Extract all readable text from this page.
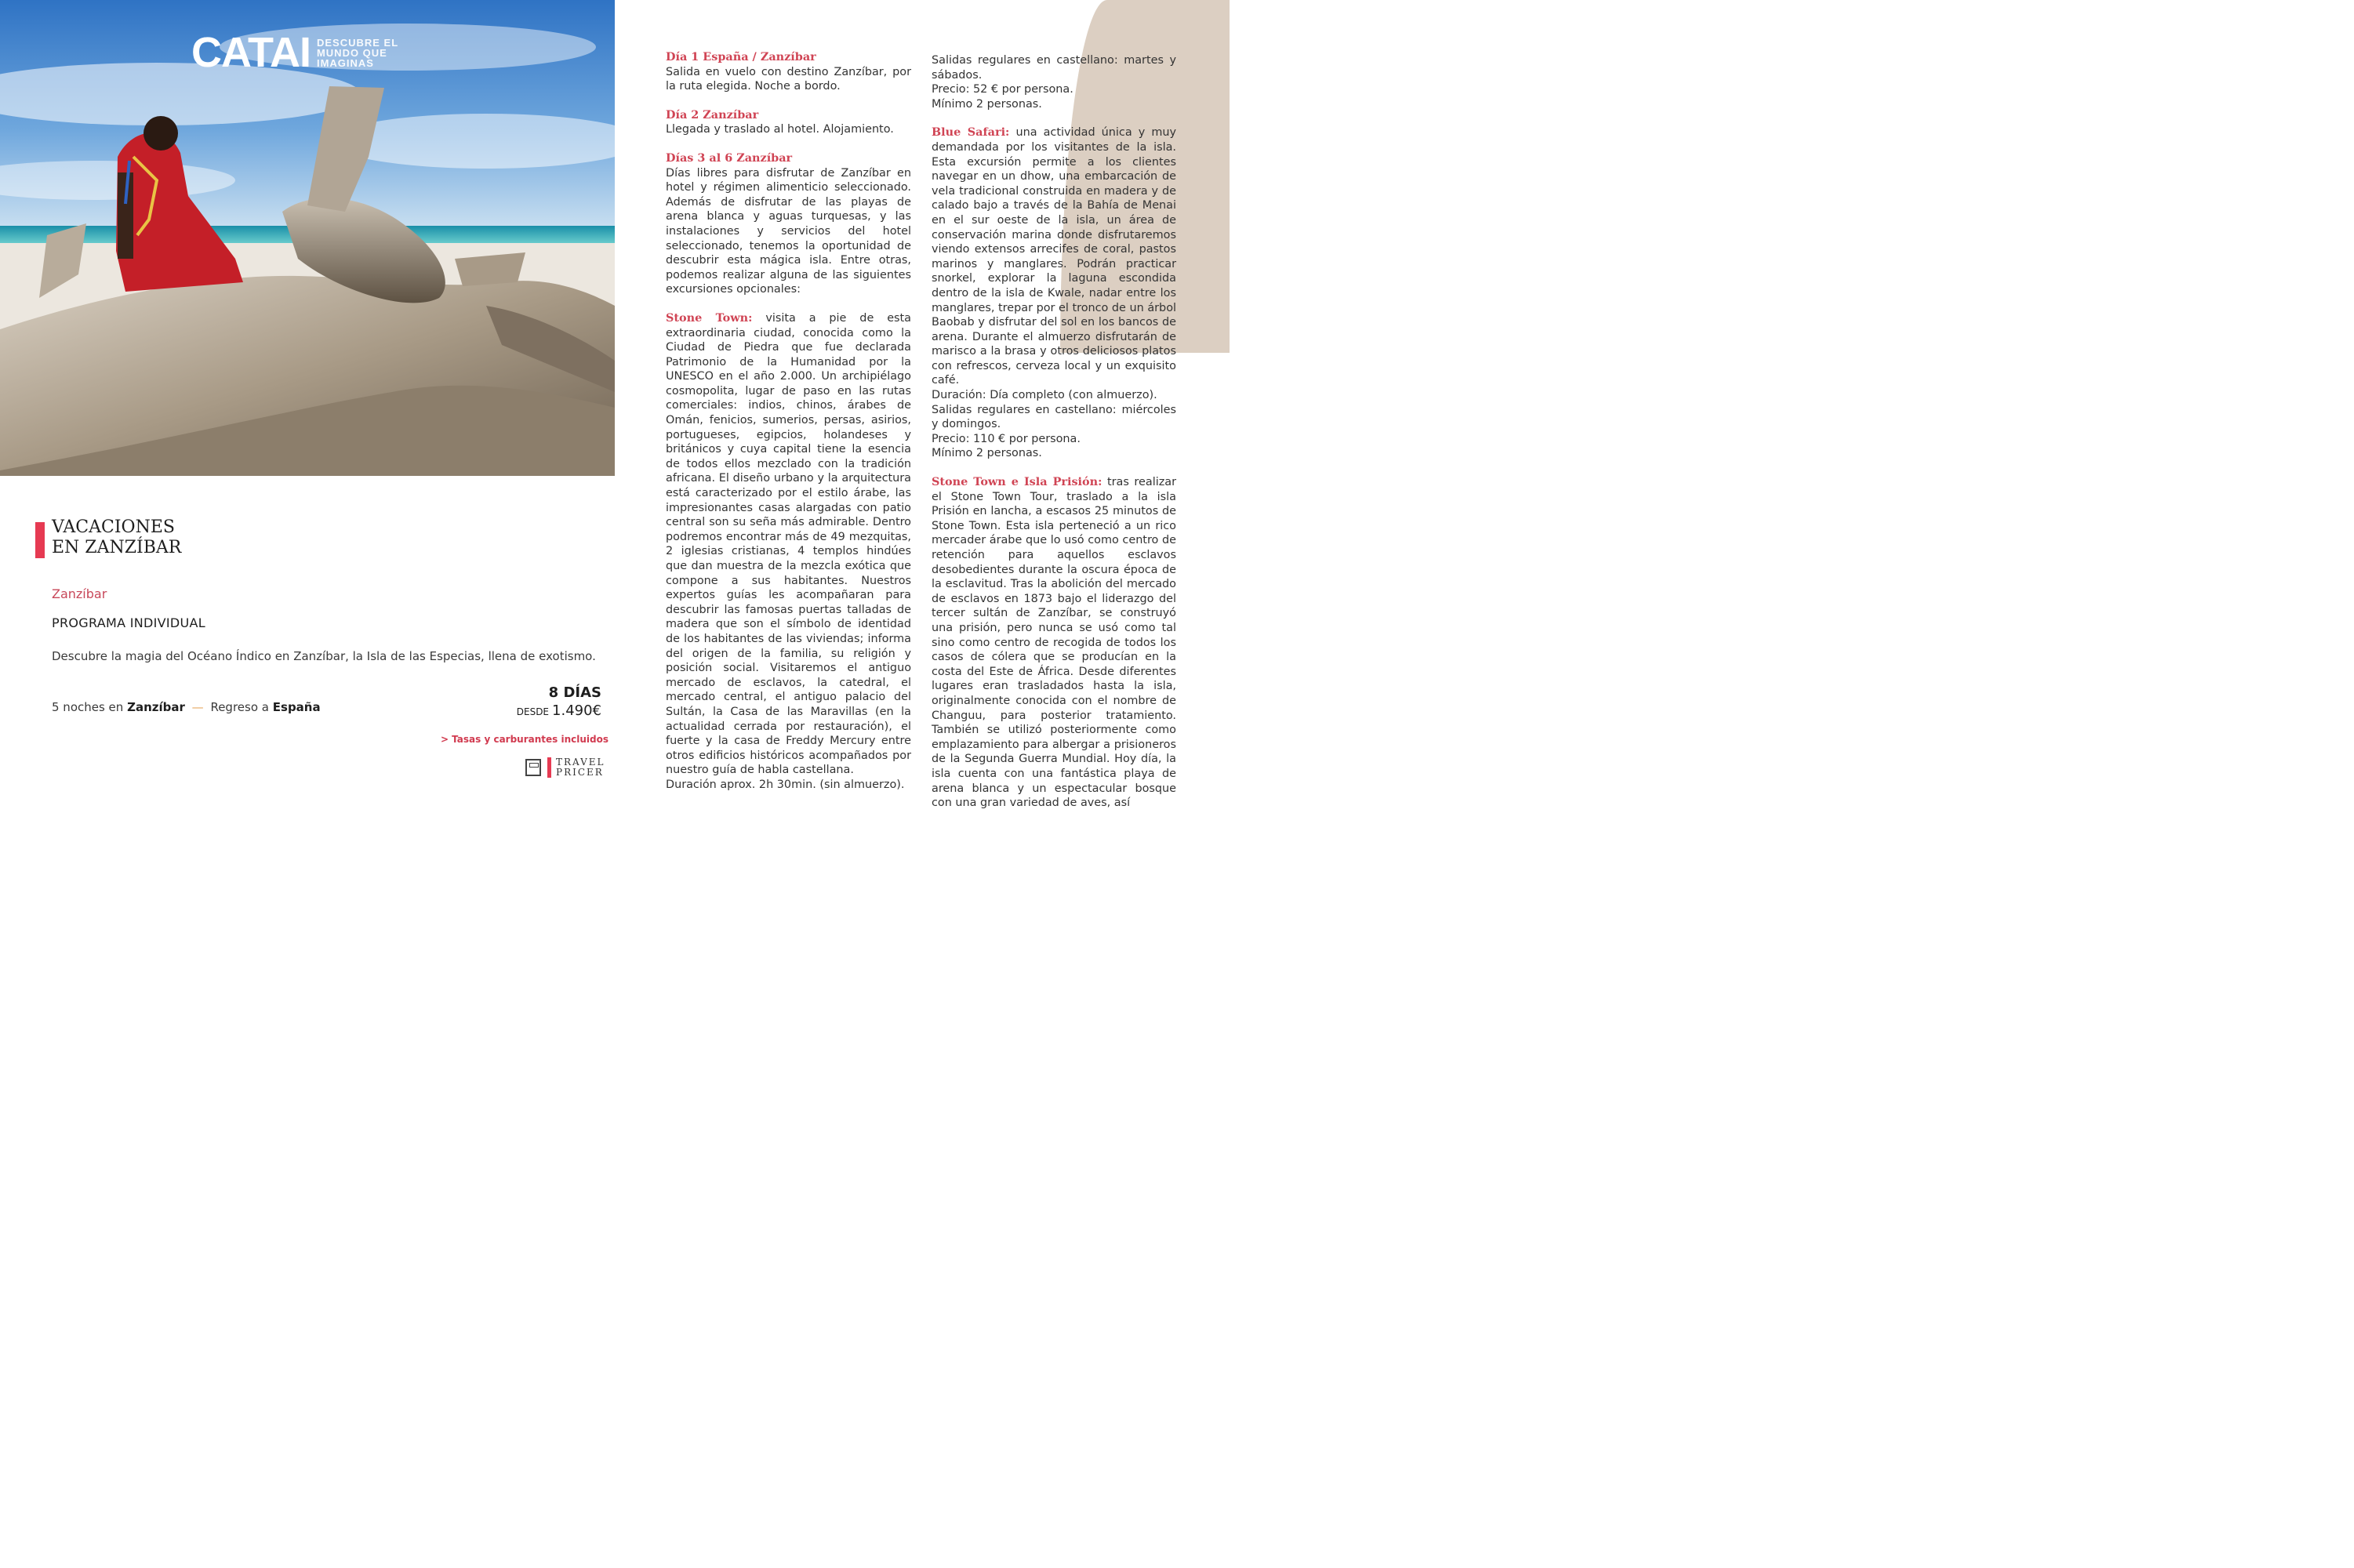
CATAI DESCUBRE EL
MUNDO QUE
IMAGINAS
VACACIONES
EN ZANZÍBAR
Zanzíbar
PROGRAMA INDIVIDUAL
Descubre la magia del Océano Índico en Zanzíbar, la Isla de las Especias, llena de exotismo.
5 noches en Zanzíbar — Regreso a España
8 DÍAS
DESDE 1.490€
> Tasas y carburantes incluidos
TRAVEL
PRICER
Día 1 España / Zanzíbar

Salida en vuelo con destino Zanzíbar, por la ruta elegida. Noche a bordo.

Día 2 Zanzíbar

Llegada y traslado al hotel. Alojamiento.

Días 3 al 6 Zanzíbar

Días libres para disfrutar de Zanzíbar en hotel y régimen alimenticio seleccionado. Además de disfrutar de las playas de arena blanca y aguas turquesas, y las instalaciones y servicios del hotel seleccionado, tenemos la oportunidad de descubrir esta mágica isla. Entre otras, podemos realizar alguna de las siguientes excursiones opcionales:

Stone Town: visita a pie de esta extraordinaria ciudad, conocida como la Ciudad de Piedra que fue declarada Patrimonio de la Humanidad por la UNESCO en el año 2.000. Un archipiélago cosmopolita, lugar de paso en las rutas comerciales: indios, chinos, árabes de Omán, fenicios, sumerios, persas, asirios, portugueses, egipcios, holandeses y británicos y cuya capital tiene la esencia de todos ellos mezclado con la tradición africana. El diseño urbano y la arquitectura está caracterizado por el estilo árabe, las impresionantes casas alargadas con patio central son su seña más admirable. Dentro podremos encontrar más de 49 mezquitas, 2 iglesias cristianas, 4 templos hindúes que dan muestra de la mezcla exótica que compone a sus habitantes. Nuestros expertos guías les acompañaran para descubrir las famosas puertas talladas de madera que son el símbolo de identidad de los habitantes de las viviendas; informa del origen de la familia, su religión y posición social. Visitaremos el antiguo mercado de esclavos, la catedral, el mercado central, el antiguo palacio del Sultán, la Casa de las Maravillas (en la actualidad cerrada por restauración), el fuerte y la casa de Freddy Mercury entre otros edificios históricos acompañados por nuestro guía de habla castellana.

Duración aprox. 2h 30min. (sin almuerzo).

Salidas regulares en castellano: martes y sábados.
Precio: 52 € por persona.
Mínimo 2 personas.

Blue Safari: una actividad única y muy demandada por los visitantes de la isla. Esta excursión permite a los clientes navegar en un dhow, una embarcación de vela tradicional construida en madera y de calado bajo a través de la Bahía de Menai en el sur oeste de la isla, un área de conservación marina donde disfrutaremos viendo extensos arrecifes de coral, pastos marinos y manglares. Podrán practicar snorkel, explorar la laguna escondida dentro de la isla de Kwale, nadar entre los manglares, trepar por el tronco de un árbol Baobab y disfrutar del sol en los bancos de arena. Durante el almuerzo disfrutarán de marisco a la brasa y otros deliciosos platos con refrescos, cerveza local y un exquisito café.

Duración: Día completo (con almuerzo).
Salidas regulares en castellano: miércoles y domingos.
Precio: 110 € por persona.
Mínimo 2 personas.

Stone Town e Isla Prisión: tras realizar el Stone Town Tour, traslado a la isla Prisión en lancha, a escasos 25 minutos de Stone Town. Esta isla perteneció a un rico mercader árabe que lo usó como centro de retención para aquellos esclavos desobedientes durante la oscura época de la esclavitud. Tras la abolición del mercado de esclavos en 1873 bajo el liderazgo del tercer sultán de Zanzíbar, se construyó una prisión, pero nunca se usó como tal sino como centro de recogida de todos los casos de cólera que se producían en la costa del Este de África. Desde diferentes lugares eran trasladados hasta la isla, originalmente conocida con el nombre de Changuu, para posterior tratamiento. También se utilizó posteriormente como emplazamiento para albergar a prisioneros de la Segunda Guerra Mundial. Hoy día, la isla cuenta con una fantástica playa de arena blanca y un espectacular bosque con una gran variedad de aves, así
